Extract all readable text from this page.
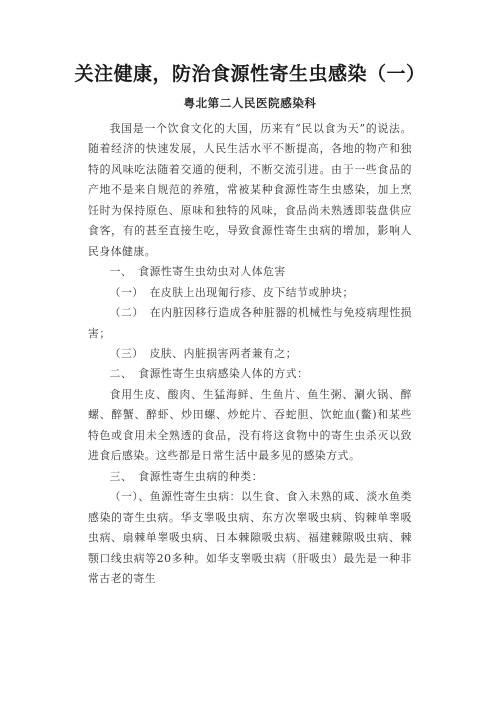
关注健康，防治食源性寄生虫感染（一）
粤北第二人民医院感染科

我国是一个饮食文化的大国，历来有“民以食为天”的说法。随着经济的快速发展，人民生活水平不断提高，各地的物产和独特的风味吃法随着交通的便利，不断交流引进。由于一些食品的产地不是来自规范的养殖，常被某种食源性寄生虫感染，加上烹饪时为保持原色、原味和独特的风味，食品尚未熟透即装盘供应食客，有的甚至直接生吃，导致食源性寄生虫病的增加，影响人民身体健康。

一、　食源性寄生虫幼虫对人体危害

（一）　在皮肤上出现匍行疹、皮下结节或肿块；

（二）　在内脏因移行造成各种脏器的机械性与免疫病理性损害；

（三）　皮肤、内脏损害两者兼有之；

二、　食源性寄生虫病感染人体的方式：

食用生皮、酸肉、生猛海鲜、生鱼片、鱼生粥、涮火锅、醉螺、醉蟹、醉虾、炒田螺、炒蛇片、吞蛇胆、饮蛇血(鳖)和某些特色或食用未全熟透的食品，没有将这食物中的寄生虫杀灭以致进食后感染。这些都是日常生活中最多见的感染方式。

三、　食源性寄生虫病的种类：

（一）、鱼源性寄生虫病：以生食、食入未熟的咸、淡水鱼类感染的寄生虫病。华支睾吸虫病、东方次睾吸虫病、钩棘单睾吸虫病、扇棘单睾吸虫病、日本棘隙吸虫病、福建棘隙吸虫病、棘颚口线虫病等20多种。如华支睾吸虫病（肝吸虫）最先是一种非常古老的寄生
